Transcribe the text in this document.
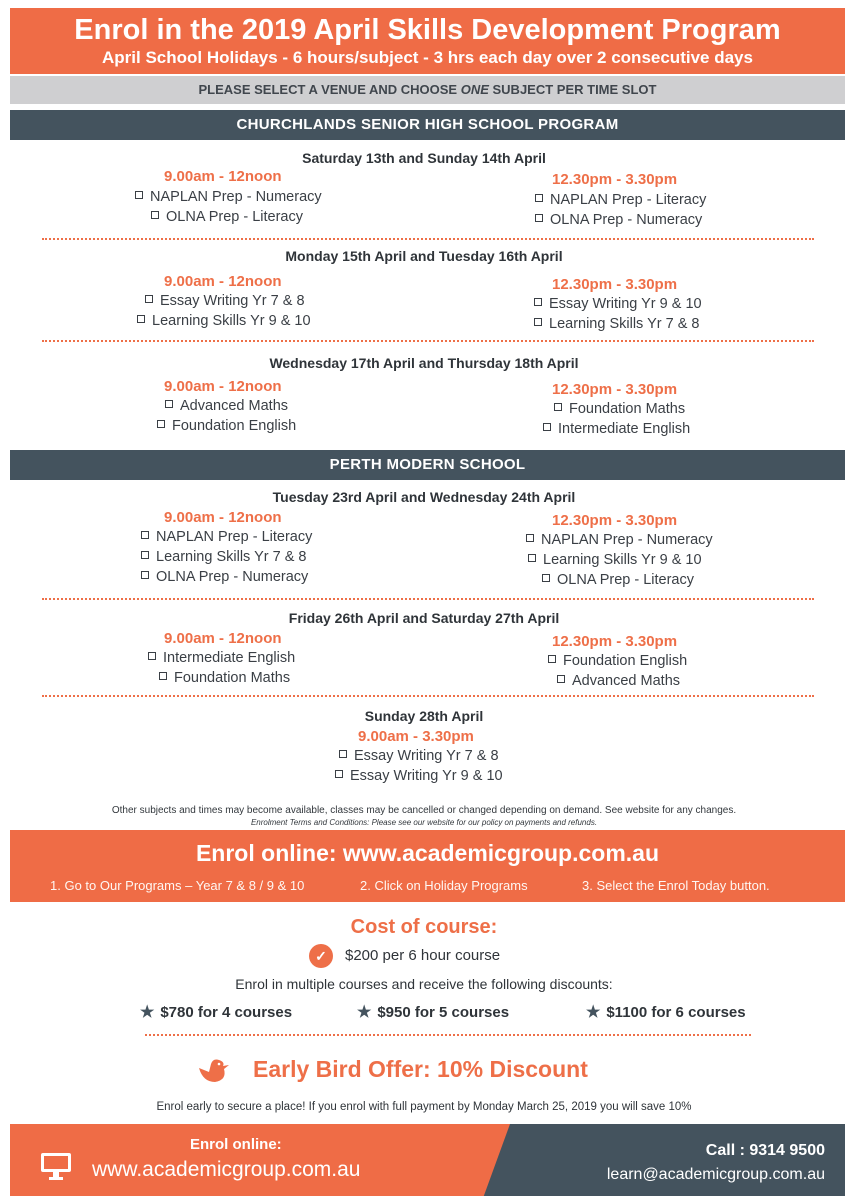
Enrol in the 2019 April Skills Development Program
April School Holidays - 6 hours/subject - 3 hrs each day over 2 consecutive days
PLEASE SELECT A VENUE AND CHOOSE ONE SUBJECT PER TIME SLOT
CHURCHLANDS SENIOR HIGH SCHOOL PROGRAM
Saturday 13th and Sunday 14th April
9.00am - 12noon
NAPLAN Prep - Numeracy
OLNA Prep - Literacy
12.30pm - 3.30pm
NAPLAN Prep - Literacy
OLNA Prep - Numeracy
Monday 15th April and Tuesday 16th April
9.00am - 12noon
Essay Writing Yr 7 & 8
Learning Skills Yr 9 & 10
12.30pm - 3.30pm
Essay Writing Yr 9 & 10
Learning Skills Yr 7 & 8
Wednesday 17th April and Thursday 18th April
9.00am - 12noon
Advanced Maths
Foundation English
12.30pm - 3.30pm
Foundation Maths
Intermediate English
PERTH MODERN SCHOOL
Tuesday 23rd April and Wednesday 24th April
9.00am - 12noon
NAPLAN Prep - Literacy
Learning Skills Yr 7 & 8
OLNA Prep - Numeracy
12.30pm - 3.30pm
NAPLAN Prep - Numeracy
Learning Skills Yr 9 & 10
OLNA Prep - Literacy
Friday 26th April and Saturday 27th April
9.00am - 12noon
Intermediate English
Foundation Maths
12.30pm - 3.30pm
Foundation English
Advanced Maths
Sunday 28th April
9.00am - 3.30pm
Essay Writing Yr 7 & 8
Essay Writing Yr 9 & 10
Other subjects and times may become available, classes may be cancelled or changed depending on demand. See website for any changes.
Enrolment Terms and Conditions: Please see our website for our policy on payments and refunds.
Enrol online: www.academicgroup.com.au
1. Go to Our Programs – Year 7 & 8 / 9 & 10	2. Click on Holiday Programs	3. Select the Enrol Today button.
Cost of course:
✓	$200 per 6 hour course
Enrol in multiple courses and receive the following discounts:
★ $780 for 4 courses	★ $950 for 5 courses	★ $1100 for 6 courses
Early Bird Offer: 10% Discount
Enrol early to secure a place! If you enrol with full payment by Monday March 25, 2019 you will save 10%
Enrol online:
www.academicgroup.com.au
Call : 9314 9500
learn@academicgroup.com.au
